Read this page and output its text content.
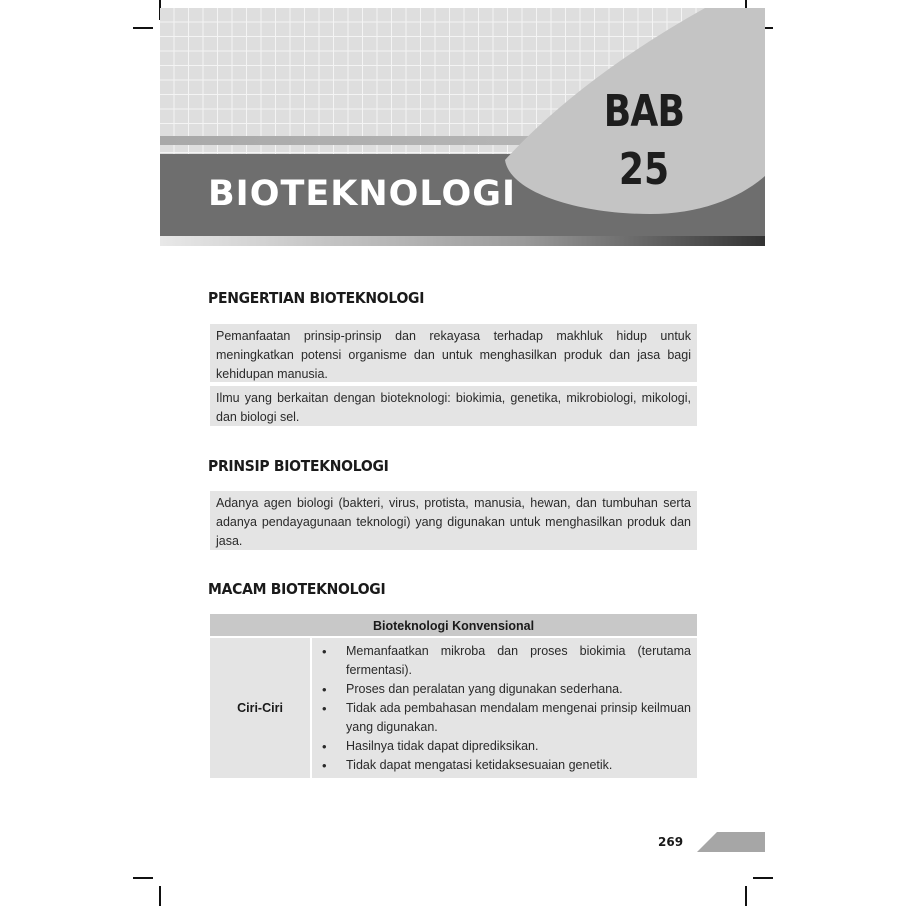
BAB
25
BIOTEKNOLOGI
PENGERTIAN BIOTEKNOLOGI
Pemanfaatan prinsip-prinsip dan rekayasa terhadap makhluk hidup untuk meningkatkan potensi organisme dan untuk menghasilkan produk dan jasa bagi kehidupan manusia.
Ilmu yang berkaitan dengan bioteknologi: biokimia, genetika, mikrobiologi, mikologi, dan biologi sel.
PRINSIP BIOTEKNOLOGI
Adanya agen biologi (bakteri, virus, protista, manusia, hewan, dan tumbuhan serta adanya pendayagunaan teknologi) yang digunakan untuk menghasilkan produk dan jasa.
MACAM BIOTEKNOLOGI
Bioteknologi Konvensional
Ciri-Ciri
• Memanfaatkan mikroba dan proses biokimia (terutama fermentasi).
• Proses dan peralatan yang digunakan sederhana.
• Tidak ada pembahasan mendalam mengenai prinsip keilmuan yang digunakan.
• Hasilnya tidak dapat diprediksikan.
• Tidak dapat mengatasi ketidaksesuaian genetik.
269
